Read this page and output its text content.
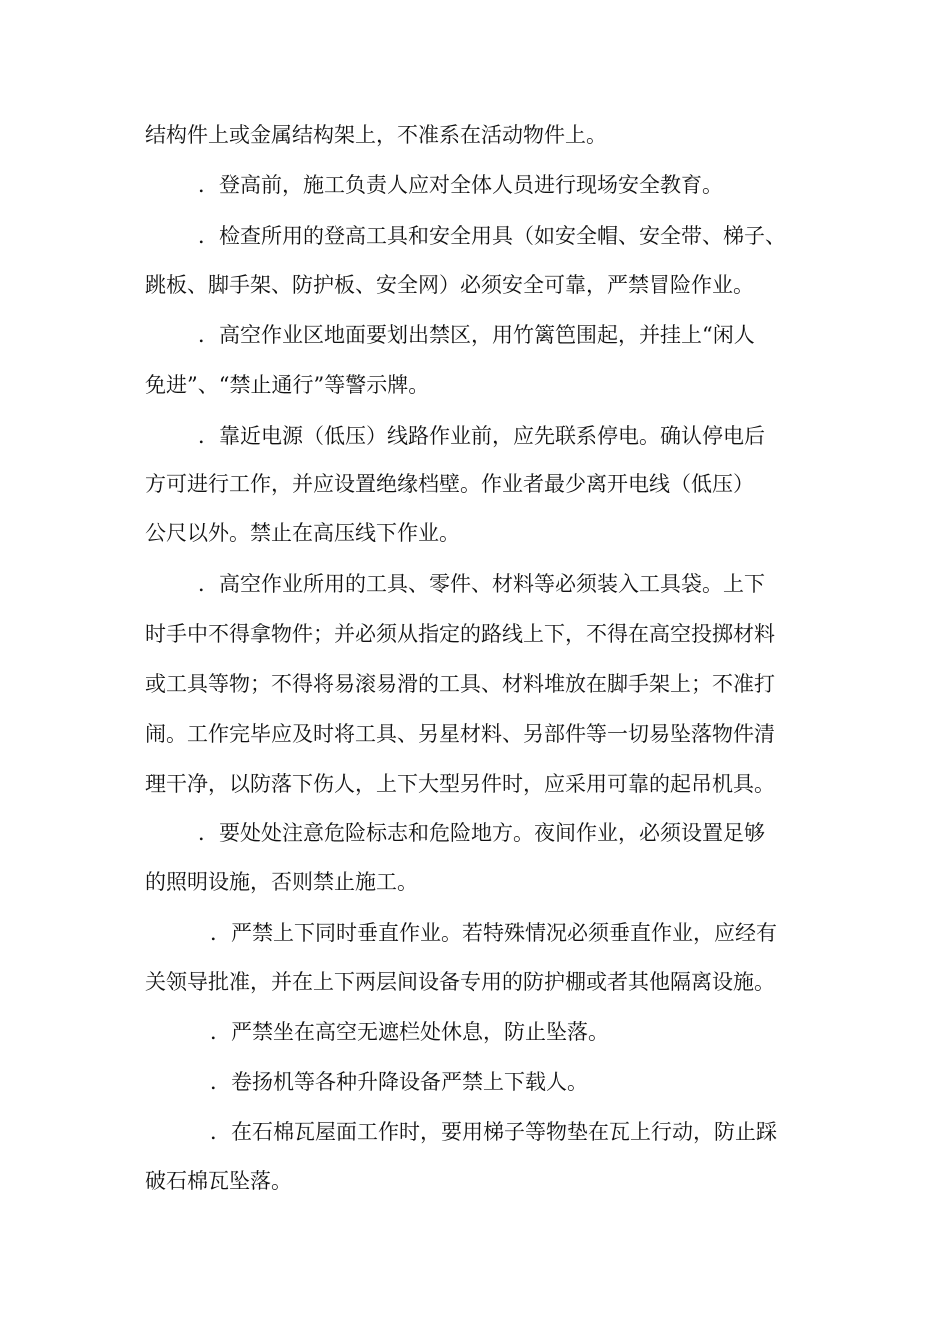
结构件上或金属结构架上，不准系在活动物件上。
．登高前，施工负责人应对全体人员进行现场安全教育。
．检查所用的登高工具和安全用具（如安全帽、安全带、梯子、
跳板、脚手架、防护板、安全网）必须安全可靠，严禁冒险作业。
．高空作业区地面要划出禁区，用竹篱笆围起，并挂上“闲人
免进”、“禁止通行”等警示牌。
．靠近电源（低压）线路作业前，应先联系停电。确认停电后
方可进行工作，并应设置绝缘档壁。作业者最少离开电线（低压）
公尺以外。禁止在高压线下作业。
．高空作业所用的工具、零件、材料等必须装入工具袋。上下
时手中不得拿物件；并必须从指定的路线上下，不得在高空投掷材料
或工具等物；不得将易滚易滑的工具、材料堆放在脚手架上；不准打
闹。工作完毕应及时将工具、另星材料、另部件等一切易坠落物件清
理干净，以防落下伤人，上下大型另件时，应采用可靠的起吊机具。
．要处处注意危险标志和危险地方。夜间作业，必须设置足够
的照明设施，否则禁止施工。
．严禁上下同时垂直作业。若特殊情况必须垂直作业，应经有
关领导批准，并在上下两层间设备专用的防护棚或者其他隔离设施。
．严禁坐在高空无遮栏处休息，防止坠落。
．卷扬机等各种升降设备严禁上下载人。
．在石棉瓦屋面工作时，要用梯子等物垫在瓦上行动，防止踩
破石棉瓦坠落。
